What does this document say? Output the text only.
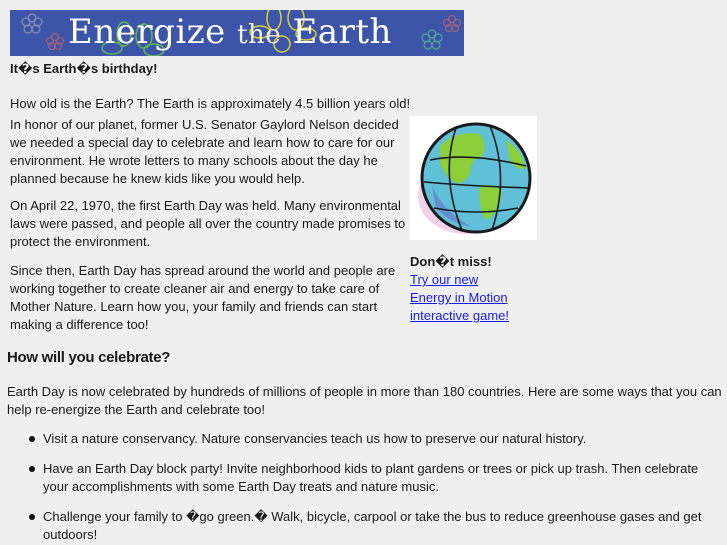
Energize the Earth
It�s Earth�s birthday!

How old is the Earth? The Earth is approximately 4.5 billion years old!

In honor of our planet, former U.S. Senator Gaylord Nelson decided we needed a special day to celebrate and learn how to care for our environment. He wrote letters to many schools about the day he planned because he knew kids like you would help.

On April 22, 1970, the first Earth Day was held. Many environmental laws were passed, and people all over the country made promises to protect the environment.

Since then, Earth Day has spread around the world and people are working together to create cleaner air and energy to take care of Mother Nature. Learn how you, your family and friends can start making a difference too!

Don�t miss!
Try our new
Energy in Motion
interactive game!
How will you celebrate?

Earth Day is now celebrated by hundreds of millions of people in more than 180 countries. Here are some ways that you can help re-energize the Earth and celebrate too!

Visit a nature conservancy. Nature conservancies teach us how to preserve our natural history.
Have an Earth Day block party! Invite neighborhood kids to plant gardens or trees or pick up trash. Then celebrate your accomplishments with some Earth Day treats and nature music.
Challenge your family to �go green.� Walk, bicycle, carpool or take the bus to reduce greenhouse gases and get outdoors!
